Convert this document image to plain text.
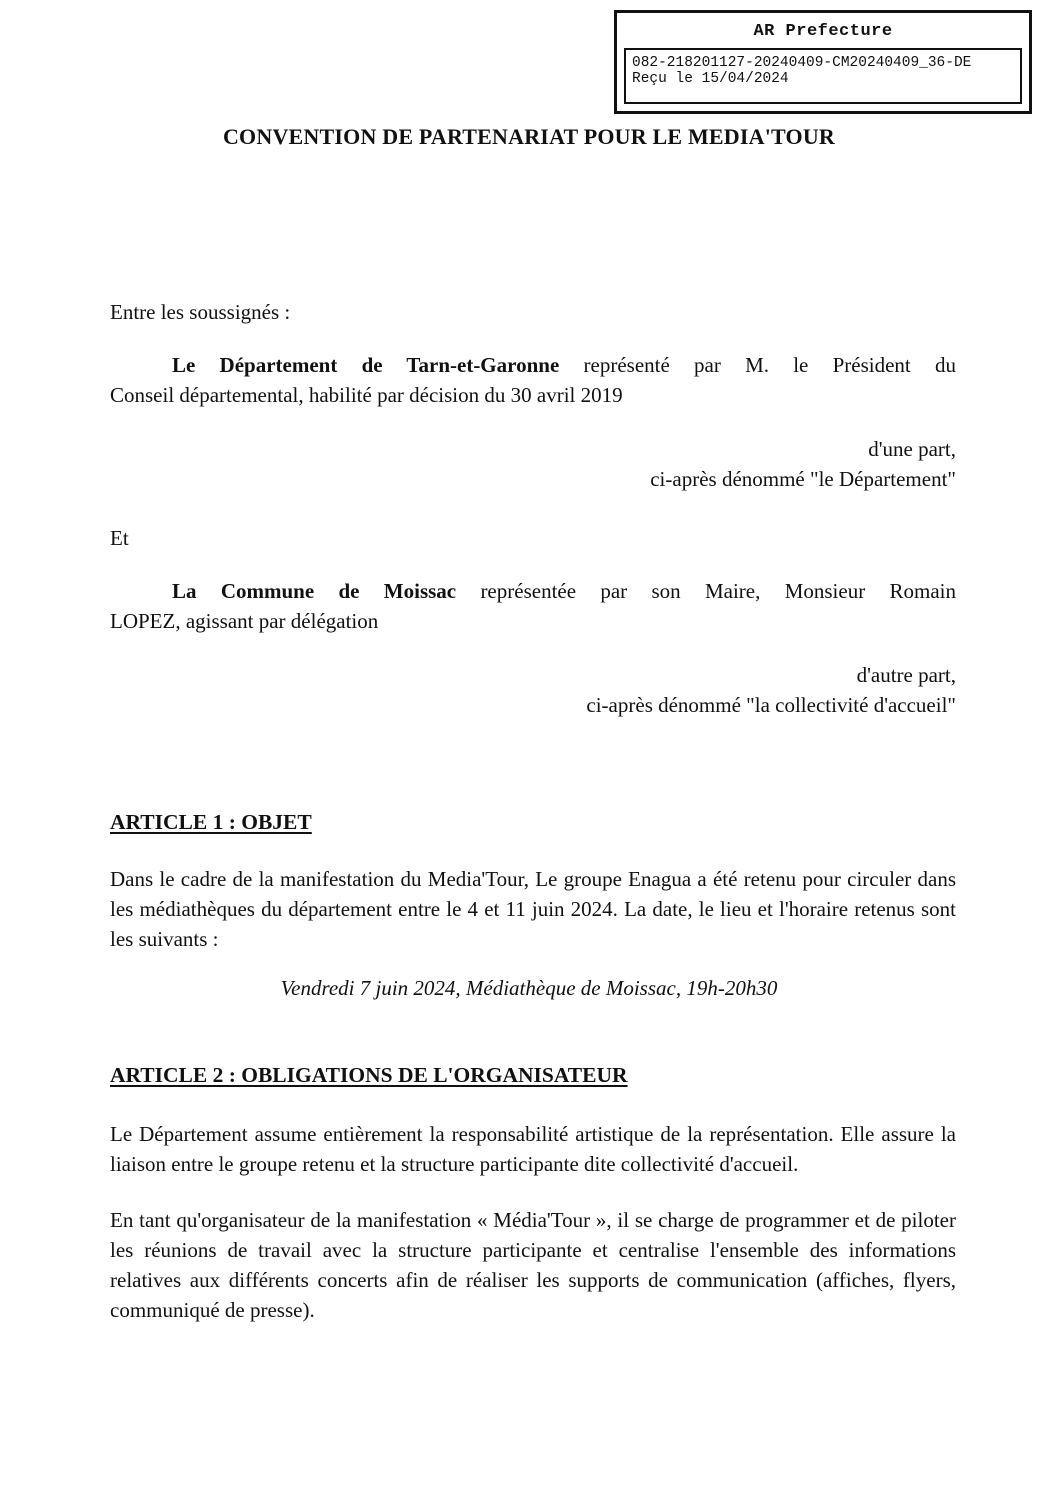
AR Prefecture
082-218201127-20240409-CM20240409_36-DE
Reçu le 15/04/2024
CONVENTION DE PARTENARIAT POUR LE MEDIA'TOUR
Entre les soussignés :
Le Département de Tarn-et-Garonne représenté par M. le Président du
Conseil départemental, habilité par décision du 30 avril 2019
d'une part,
ci-après dénommé "le Département"
Et
La Commune de Moissac représentée par son Maire, Monsieur Romain
LOPEZ, agissant par délégation
d'autre part,
ci-après dénommé "la collectivité d'accueil"
ARTICLE 1 : OBJET
Dans le cadre de la manifestation du Media'Tour, Le groupe Enagua a été retenu pour circuler dans les médiathèques du département entre le 4 et 11 juin 2024. La date, le lieu et l'horaire retenus sont les suivants :
Vendredi 7 juin 2024, Médiathèque de Moissac, 19h-20h30
ARTICLE 2 : OBLIGATIONS DE L'ORGANISATEUR
Le Département assume entièrement la responsabilité artistique de la représentation. Elle assure la liaison entre le groupe retenu et la structure participante dite collectivité d'accueil.
En tant qu'organisateur de la manifestation « Média'Tour », il se charge de programmer et de piloter les réunions de travail avec la structure participante et centralise l'ensemble des informations relatives aux différents concerts afin de réaliser les supports de communication (affiches, flyers, communiqué de presse).
